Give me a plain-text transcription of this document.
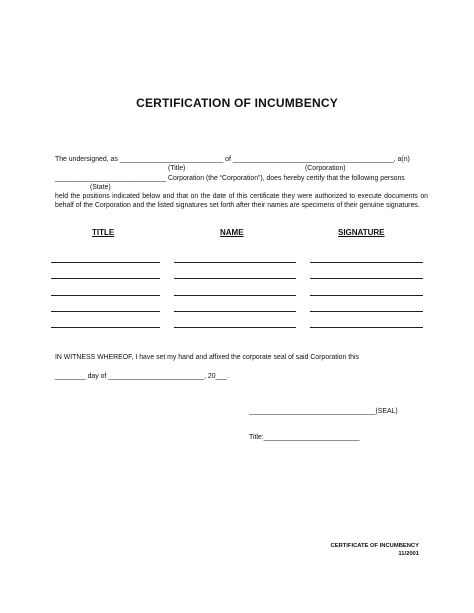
CERTIFICATION OF INCUMBENCY
The undersigned, as ___________________________ of __________________________________________, a(n)
(Title)	(Corporation)
_____________________________ Corporation (the “Corporation”), does hereby certify that the following persons
(State)
held the positions indicated below and that on the date of this certificate they were authorized to execute documents on behalf of the Corporation and the listed signatures set forth after their names are specimens of their genuine signatures.
TITLE	NAME	SIGNATURE
IN WITNESS WHEREOF, I have set my hand and affixed the corporate seal of said Corporation this
________ day of _________________________, 20___.
_________________________________(SEAL)
Title:_________________________
CERTIFICATE OF INCUMBENCY
11/2001
